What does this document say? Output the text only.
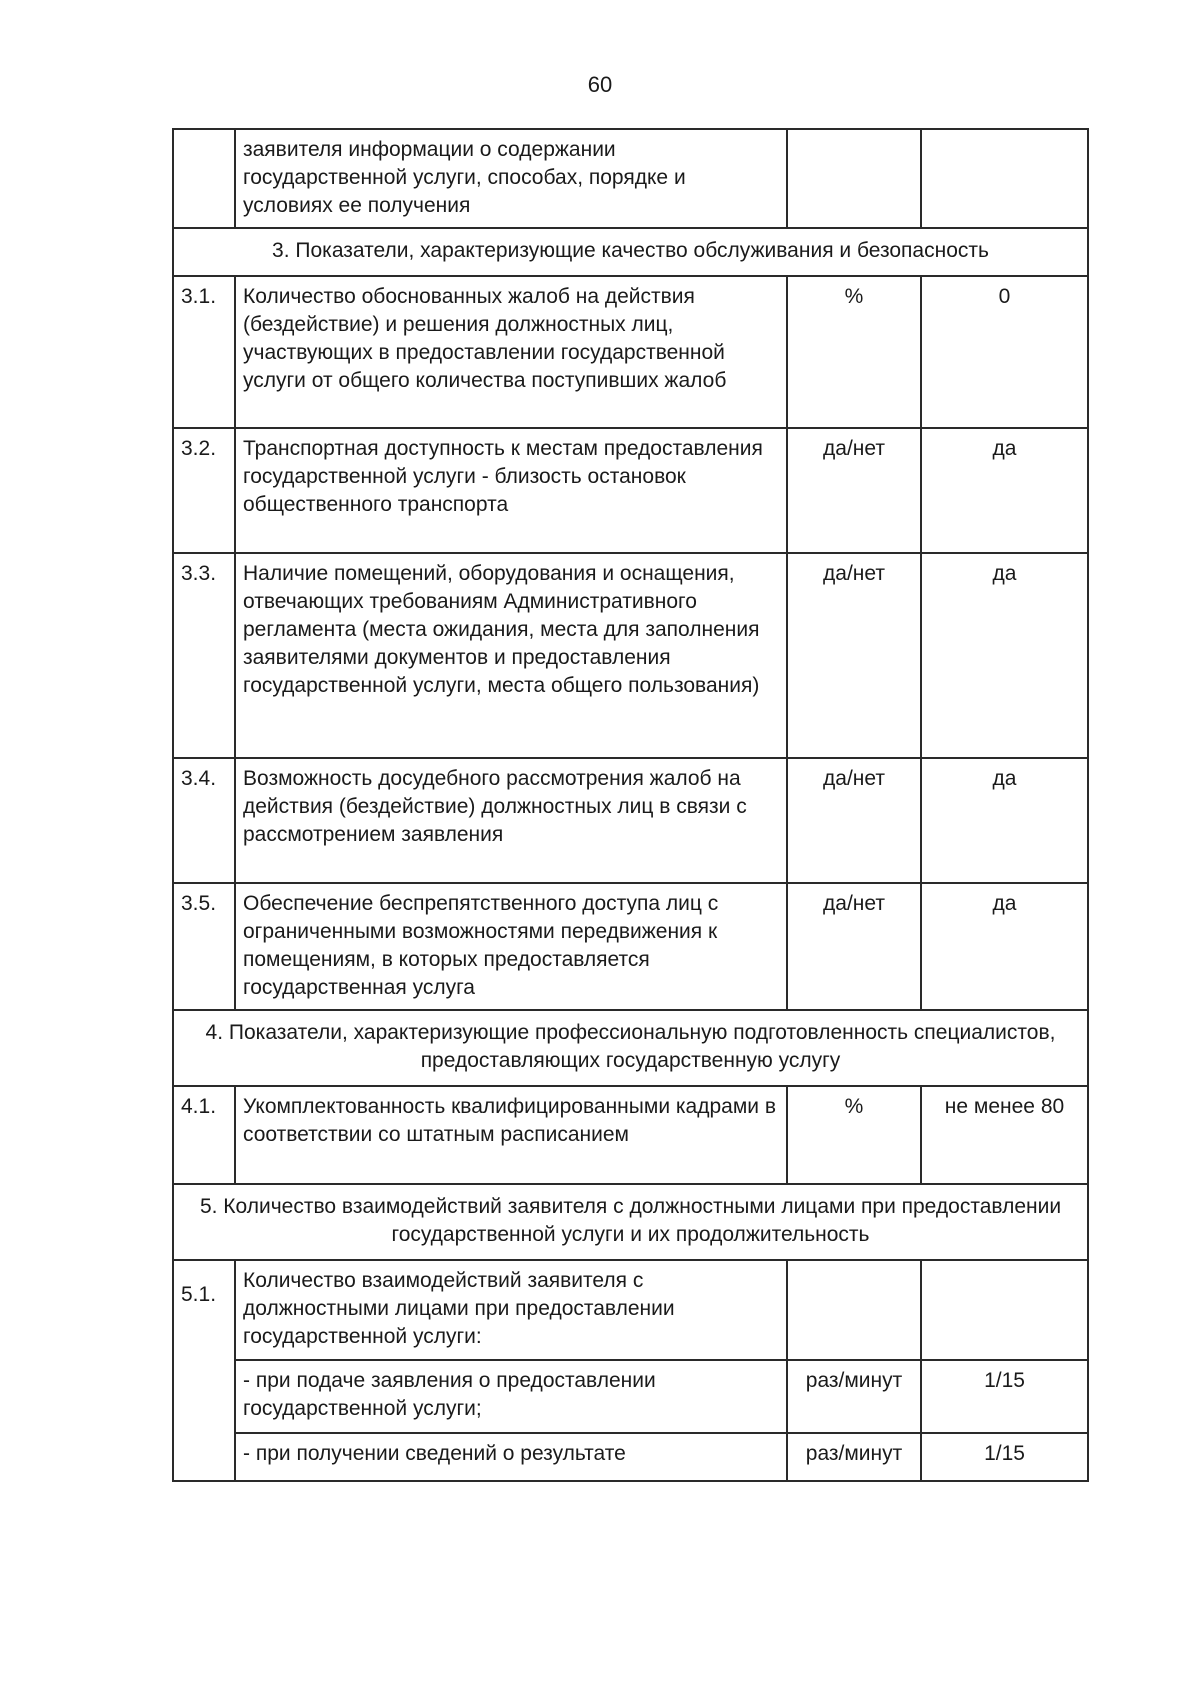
60
	заявителя информации о содержании государственной услуги, способах, порядке и условиях ее получения		
3. Показатели, характеризующие качество обслуживания и безопасность			
3.1.	Количество обоснованных жалоб на действия (бездействие) и решения должностных лиц, участвующих в предоставлении государственной услуги от общего количества поступивших жалоб	%	0
3.2.	Транспортная доступность к местам предоставления государственной услуги - близость остановок общественного транспорта	да/нет	да
3.3.	Наличие помещений, оборудования и оснащения, отвечающих требованиям Административного регламента (места ожидания, места для заполнения заявителями документов и предоставления государственной услуги, места общего пользования)	да/нет	да
3.4.	Возможность досудебного рассмотрения жалоб на действия (бездействие) должностных лиц в связи с рассмотрением заявления	да/нет	да
3.5.	Обеспечение беспрепятственного доступа лиц с ограниченными возможностями передвижения к помещениям, в которых предоставляется государственная услуга	да/нет	да
4. Показатели, характеризующие профессиональную подготовленность специалистов, предоставляющих государственную услугу			
4.1.	Укомплектованность квалифицированными кадрами в соответствии со штатным расписанием	%	не менее 80
5. Количество взаимодействий заявителя с должностными лицами при предоставлении государственной услуги и их продолжительность			
5.1.	Количество взаимодействий заявителя с должностными лицами при предоставлении государственной услуги:		
	- при подаче заявления о предоставлении государственной услуги;	раз/минут	1/15
	- при получении сведений о результате	раз/минут	1/15
